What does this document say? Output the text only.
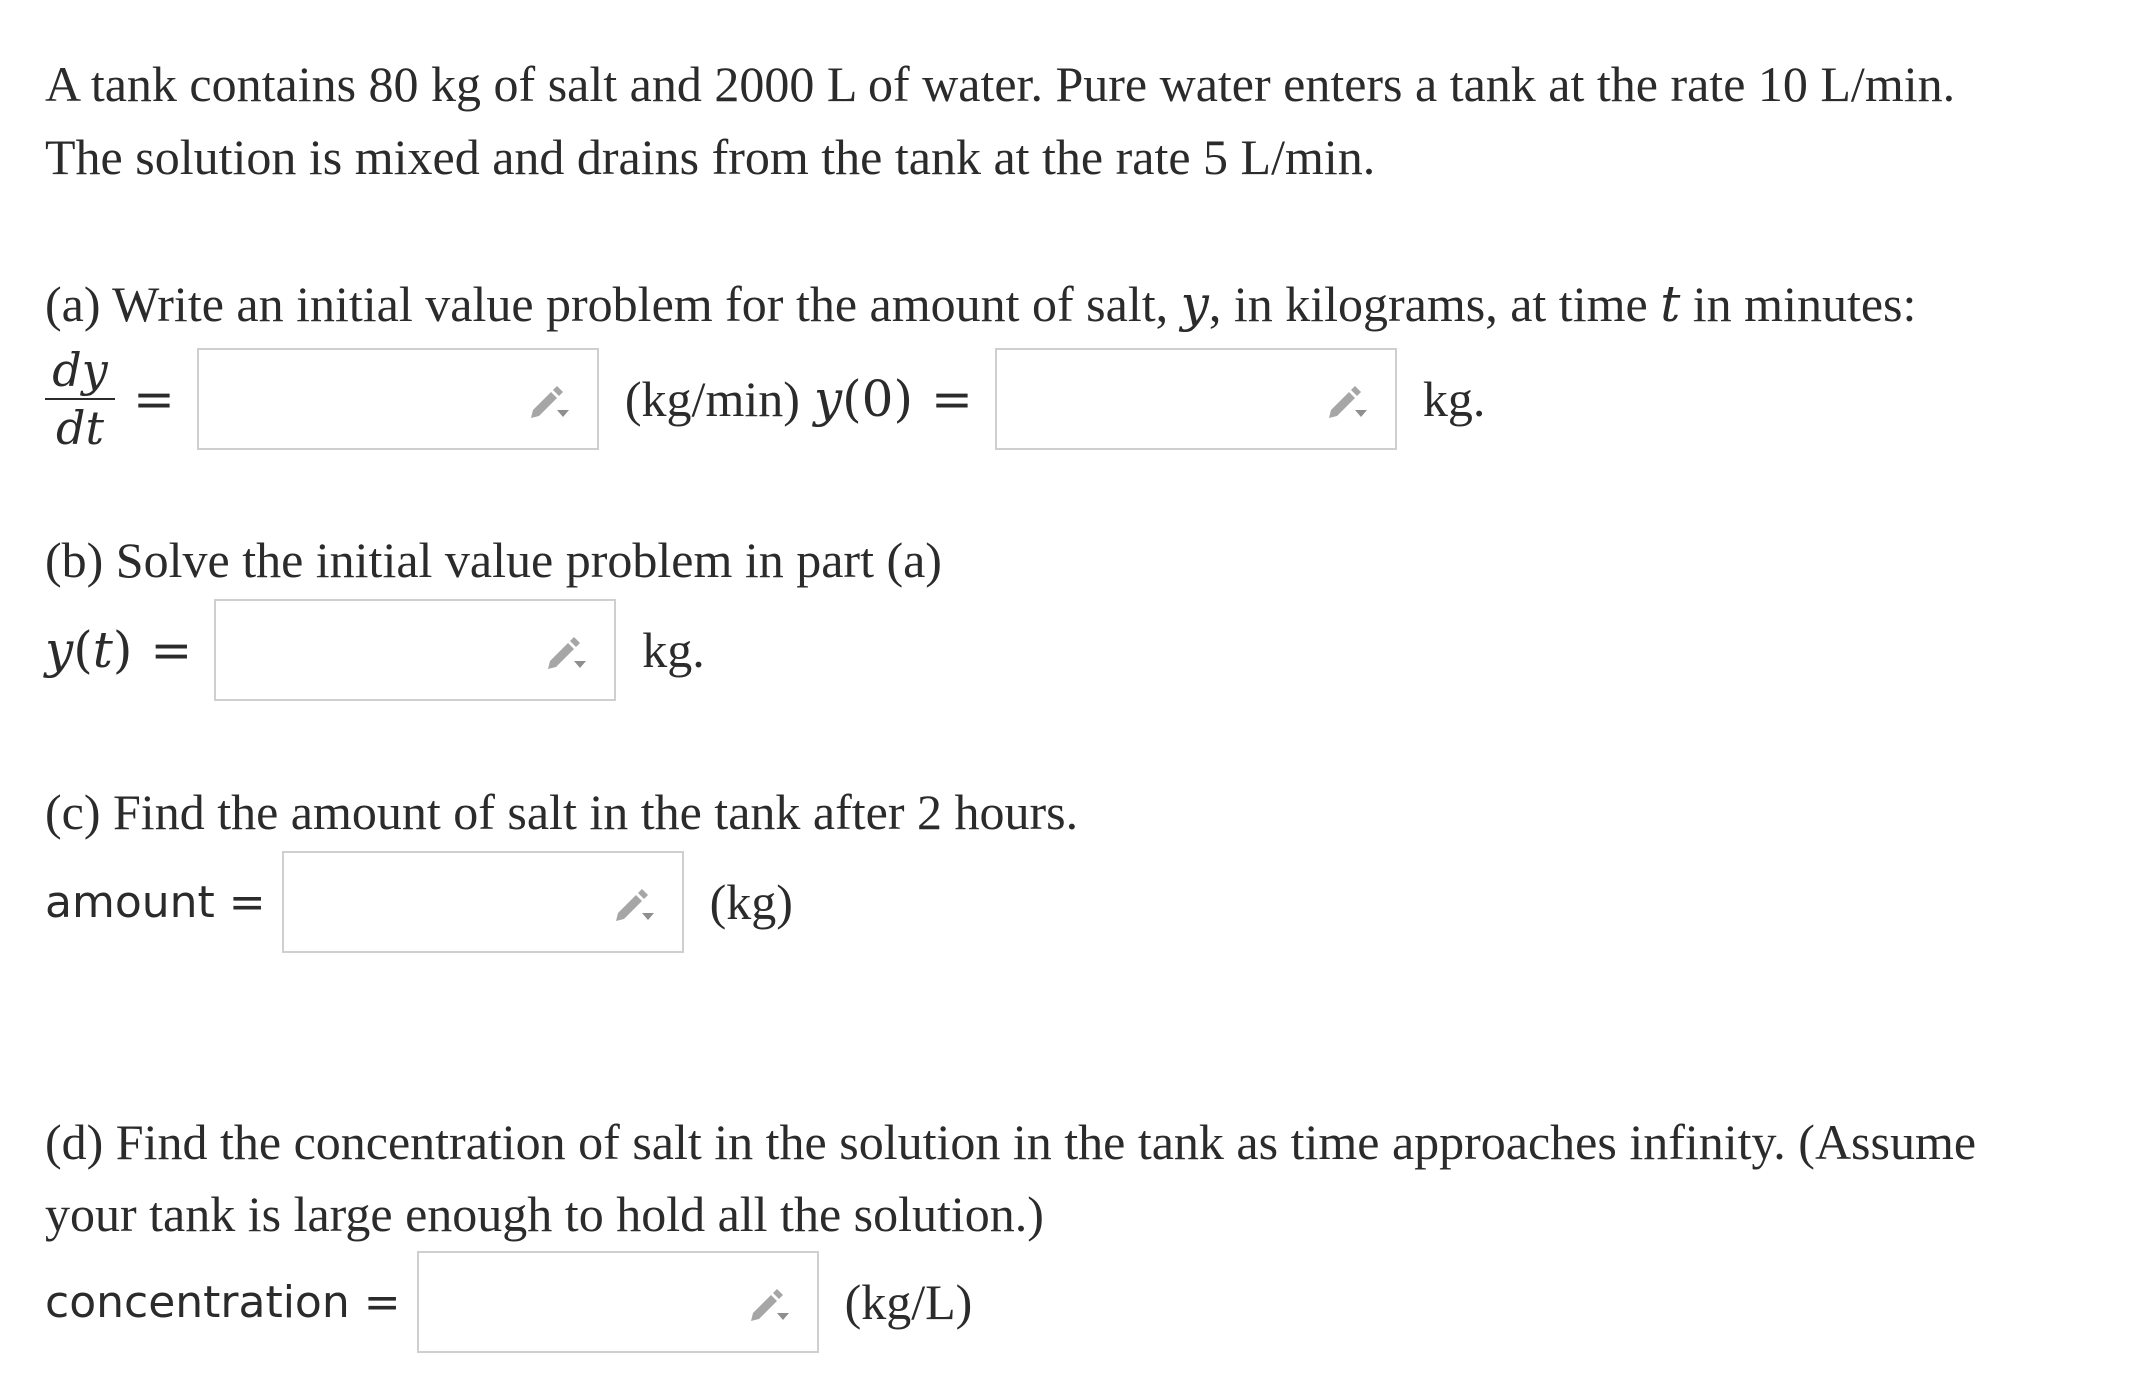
A tank contains 80 kg of salt and 2000 L of water. Pure water enters a tank at the rate 10 L/min.
The solution is mixed and drains from the tank at the rate 5 L/min.
(a) Write an initial value problem for the amount of salt, y, in kilograms, at time t in minutes:
$\frac{dy}{dt}$ =	(kg/min) y(0) =	kg.
(b) Solve the initial value problem in part (a)
y(t) =	kg.
(c) Find the amount of salt in the tank after 2 hours.
amount =	(kg)
(d) Find the concentration of salt in the solution in the tank as time approaches infinity. (Assume
your tank is large enough to hold all the solution.)
concentration =	(kg/L)
